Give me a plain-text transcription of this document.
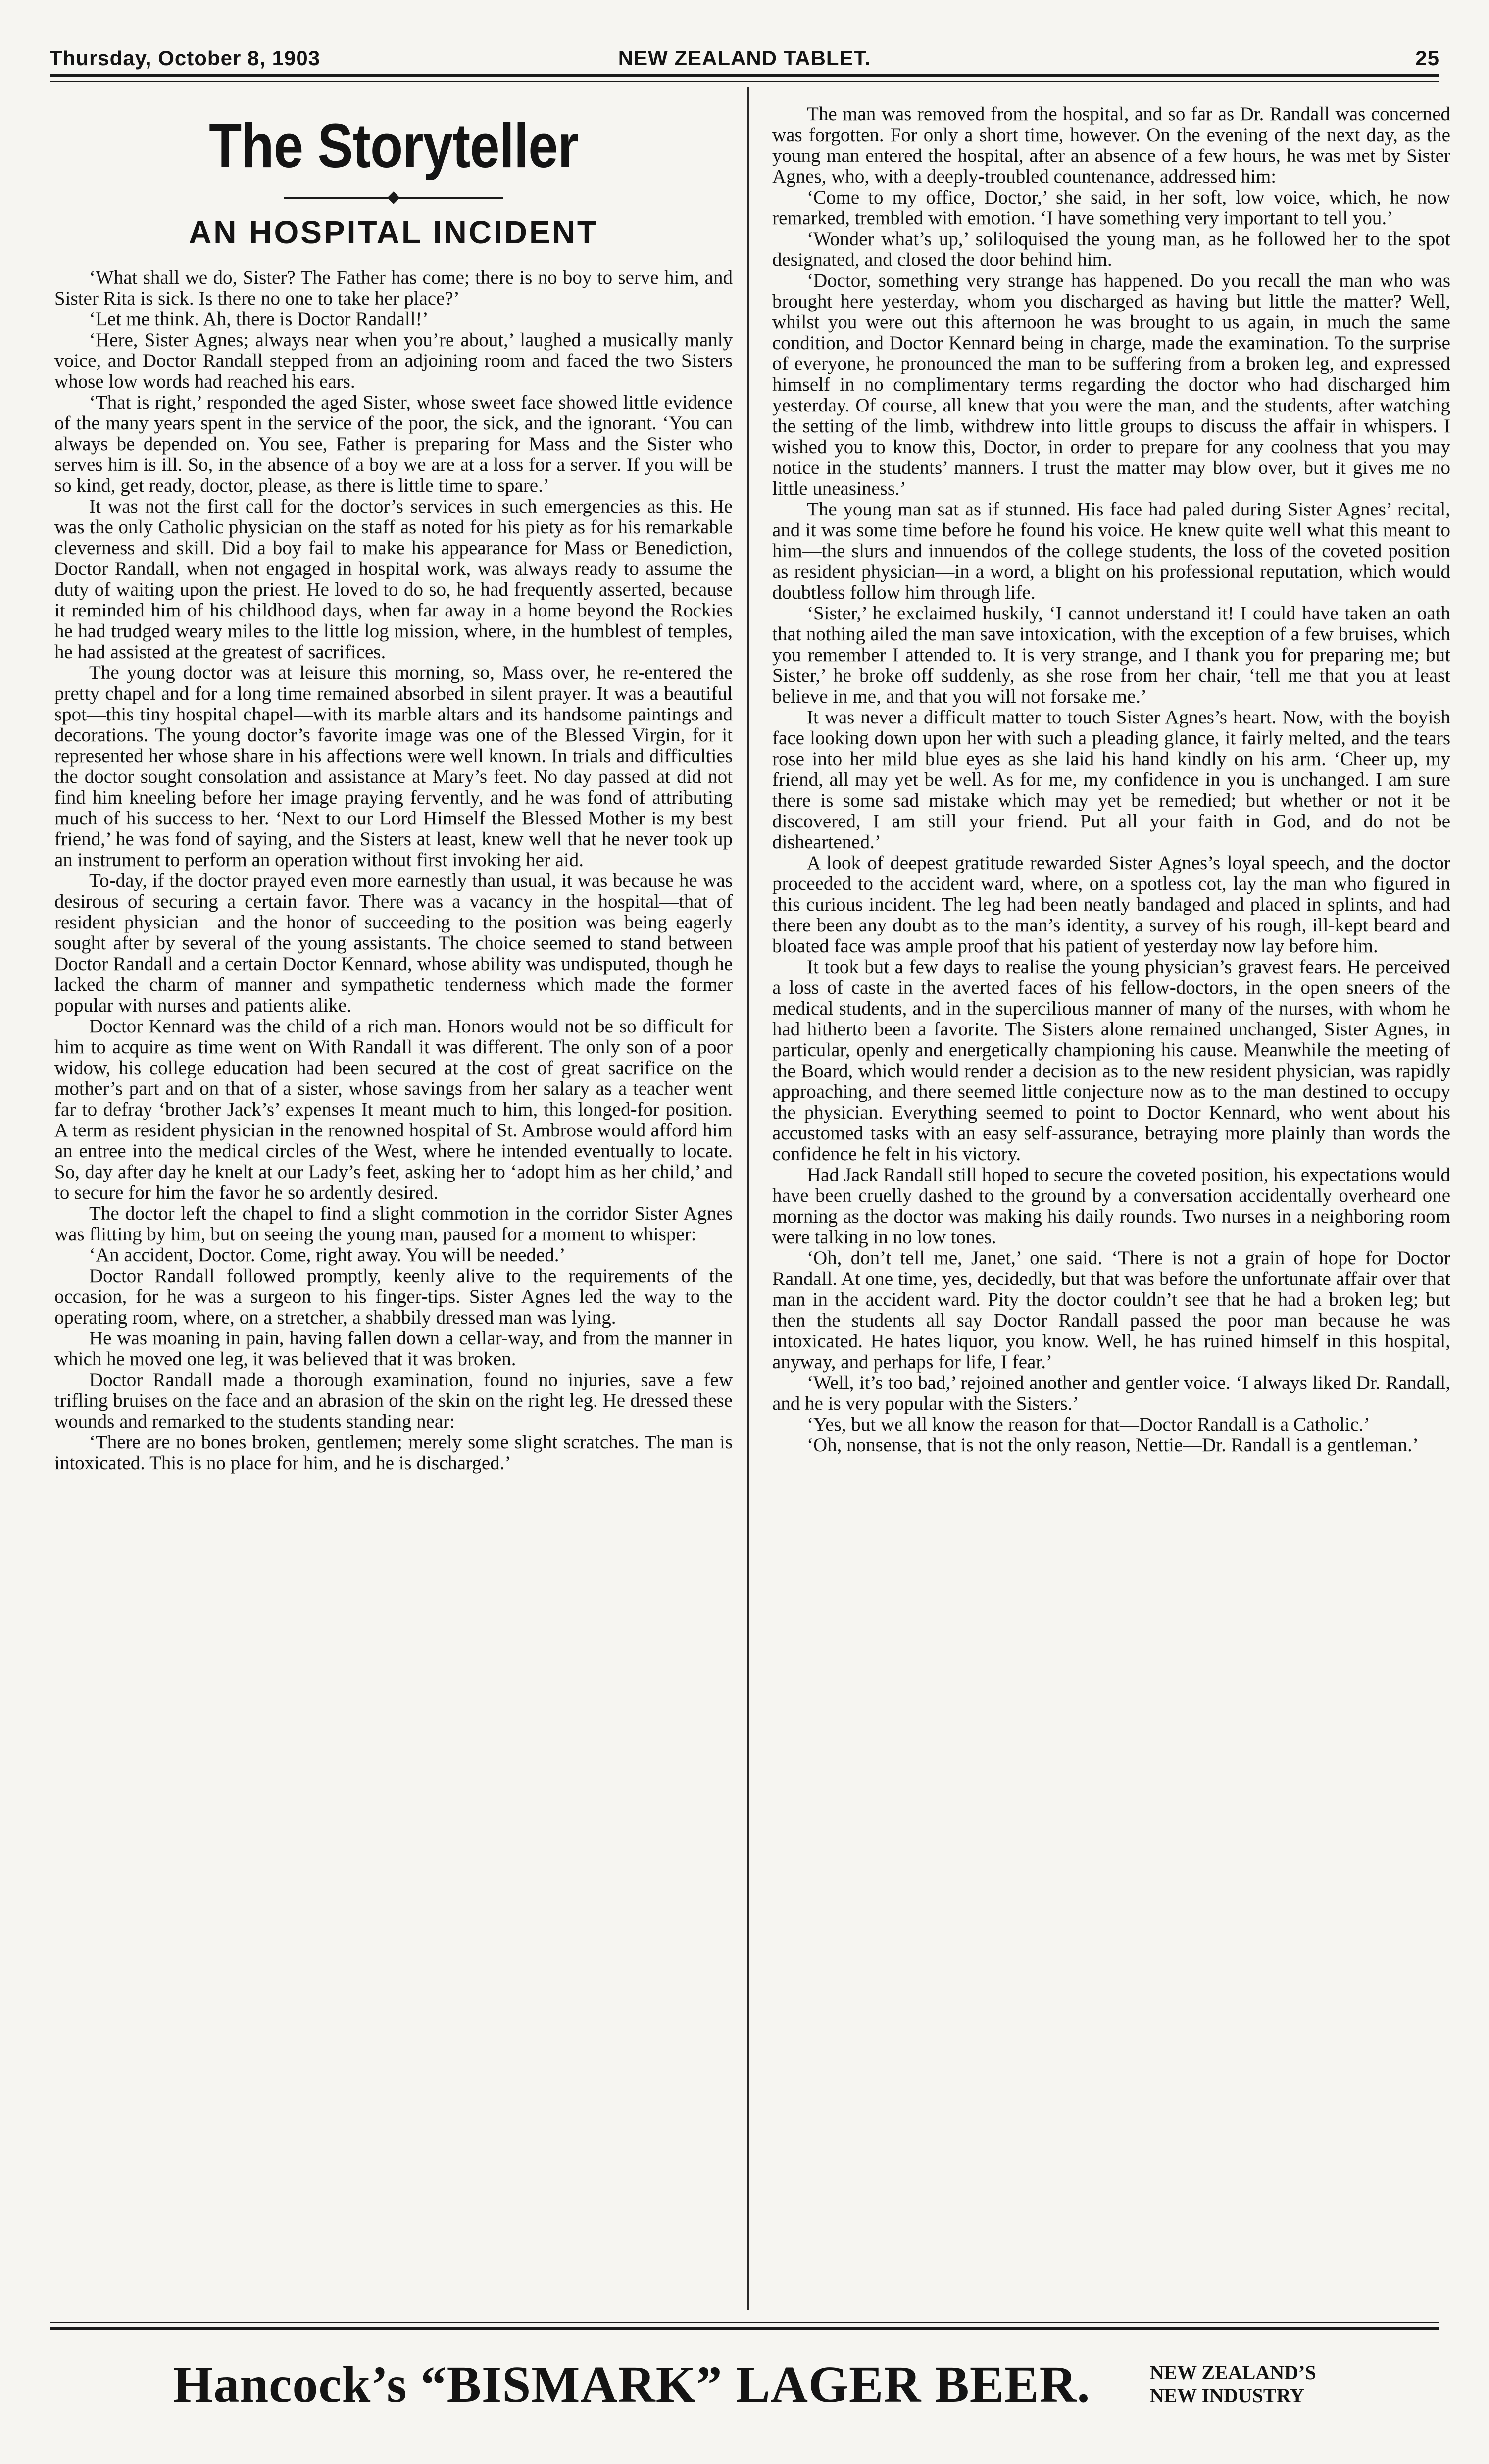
Thursday, October 8, 1903	NEW ZEALAND TABLET.	25
The Storyteller
AN HOSPITAL INCIDENT

‘What shall we do, Sister? The Father has come; there is no boy to serve him, and Sister Rita is sick. Is there no one to take her place?’

‘Let me think. Ah, there is Doctor Randall!’

‘Here, Sister Agnes; always near when you’re about,’ laughed a musically manly voice, and Doctor Randall stepped from an adjoining room and faced the two Sisters whose low words had reached his ears.

‘That is right,’ responded the aged Sister, whose sweet face showed little evidence of the many years spent in the service of the poor, the sick, and the ignorant. ‘You can always be depended on. You see, Father is preparing for Mass and the Sister who serves him is ill. So, in the absence of a boy we are at a loss for a server. If you will be so kind, get ready, doctor, please, as there is little time to spare.’

It was not the first call for the doctor’s services in such emergencies as this. He was the only Catholic physician on the staff as noted for his piety as for his remarkable cleverness and skill. Did a boy fail to make his appearance for Mass or Benediction, Doctor Randall, when not engaged in hospital work, was always ready to assume the duty of waiting upon the priest. He loved to do so, he had frequently asserted, because it reminded him of his childhood days, when far away in a home beyond the Rockies he had trudged weary miles to the little log mission, where, in the humblest of temples, he had assisted at the greatest of sacrifices.

The young doctor was at leisure this morning, so, Mass over, he re-entered the pretty chapel and for a long time remained absorbed in silent prayer. It was a beautiful spot—this tiny hospital chapel—with its marble altars and its handsome paintings and decorations. The young doctor’s favorite image was one of the Blessed Virgin, for it represented her whose share in his affections were well known. In trials and difficulties the doctor sought consolation and assistance at Mary’s feet. No day passed at did not find him kneeling before her image praying fervently, and he was fond of attributing much of his success to her. ‘Next to our Lord Himself the Blessed Mother is my best friend,’ he was fond of saying, and the Sisters at least, knew well that he never took up an instrument to perform an operation without first invoking her aid.

To-day, if the doctor prayed even more earnestly than usual, it was because he was desirous of securing a certain favor. There was a vacancy in the hospital—that of resident physician—and the honor of succeeding to the position was being eagerly sought after by several of the young assistants. The choice seemed to stand between Doctor Randall and a certain Doctor Kennard, whose ability was undisputed, though he lacked the charm of manner and sympathetic tenderness which made the former popular with nurses and patients alike.

Doctor Kennard was the child of a rich man. Honors would not be so difficult for him to acquire as time went on With Randall it was different. The only son of a poor widow, his college education had been secured at the cost of great sacrifice on the mother’s part and on that of a sister, whose savings from her salary as a teacher went far to defray ‘brother Jack’s’ expenses It meant much to him, this longed-for position. A term as resident physician in the renowned hospital of St. Ambrose would afford him an entree into the medical circles of the West, where he intended eventually to locate. So, day after day he knelt at our Lady’s feet, asking her to ‘adopt him as her child,’ and to secure for him the favor he so ardently desired.

The doctor left the chapel to find a slight commotion in the corridor Sister Agnes was flitting by him, but on seeing the young man, paused for a moment to whisper:

‘An accident, Doctor. Come, right away. You will be needed.’

Doctor Randall followed promptly, keenly alive to the requirements of the occasion, for he was a surgeon to his finger-tips. Sister Agnes led the way to the operating room, where, on a stretcher, a shabbily dressed man was lying.

He was moaning in pain, having fallen down a cellar-way, and from the manner in which he moved one leg, it was believed that it was broken.

Doctor Randall made a thorough examination, found no injuries, save a few trifling bruises on the face and an abrasion of the skin on the right leg. He dressed these wounds and remarked to the students standing near:

‘There are no bones broken, gentlemen; merely some slight scratches. The man is intoxicated. This is no place for him, and he is discharged.’

The man was removed from the hospital, and so far as Dr. Randall was concerned was forgotten. For only a short time, however. On the evening of the next day, as the young man entered the hospital, after an absence of a few hours, he was met by Sister Agnes, who, with a deeply-troubled countenance, addressed him:

‘Come to my office, Doctor,’ she said, in her soft, low voice, which, he now remarked, trembled with emotion. ‘I have something very important to tell you.’

‘Wonder what’s up,’ soliloquised the young man, as he followed her to the spot designated, and closed the door behind him.

‘Doctor, something very strange has happened. Do you recall the man who was brought here yesterday, whom you discharged as having but little the matter? Well, whilst you were out this afternoon he was brought to us again, in much the same condition, and Doctor Kennard being in charge, made the examination. To the surprise of everyone, he pronounced the man to be suffering from a broken leg, and expressed himself in no complimentary terms regarding the doctor who had discharged him yesterday. Of course, all knew that you were the man, and the students, after watching the setting of the limb, withdrew into little groups to discuss the affair in whispers. I wished you to know this, Doctor, in order to prepare for any coolness that you may notice in the students’ manners. I trust the matter may blow over, but it gives me no little uneasiness.’

The young man sat as if stunned. His face had paled during Sister Agnes’ recital, and it was some time before he found his voice. He knew quite well what this meant to him—the slurs and innuendos of the college students, the loss of the coveted position as resident physician—in a word, a blight on his professional reputation, which would doubtless follow him through life.

‘Sister,’ he exclaimed huskily, ‘I cannot understand it! I could have taken an oath that nothing ailed the man save intoxication, with the exception of a few bruises, which you remember I attended to. It is very strange, and I thank you for preparing me; but Sister,’ he broke off suddenly, as she rose from her chair, ‘tell me that you at least believe in me, and that you will not forsake me.’

It was never a difficult matter to touch Sister Agnes’s heart. Now, with the boyish face looking down upon her with such a pleading glance, it fairly melted, and the tears rose into her mild blue eyes as she laid his hand kindly on his arm. ‘Cheer up, my friend, all may yet be well. As for me, my confidence in you is unchanged. I am sure there is some sad mistake which may yet be remedied; but whether or not it be discovered, I am still your friend. Put all your faith in God, and do not be disheartened.’

A look of deepest gratitude rewarded Sister Agnes’s loyal speech, and the doctor proceeded to the accident ward, where, on a spotless cot, lay the man who figured in this curious incident. The leg had been neatly bandaged and placed in splints, and had there been any doubt as to the man’s identity, a survey of his rough, ill-kept beard and bloated face was ample proof that his patient of yesterday now lay before him.

It took but a few days to realise the young physician’s gravest fears. He perceived a loss of caste in the averted faces of his fellow-doctors, in the open sneers of the medical students, and in the supercilious manner of many of the nurses, with whom he had hitherto been a favorite. The Sisters alone remained unchanged, Sister Agnes, in particular, openly and energetically championing his cause. Meanwhile the meeting of the Board, which would render a decision as to the new resident physician, was rapidly approaching, and there seemed little conjecture now as to the man destined to occupy the physician. Everything seemed to point to Doctor Kennard, who went about his accustomed tasks with an easy self-assurance, betraying more plainly than words the confidence he felt in his victory.

Had Jack Randall still hoped to secure the coveted position, his expectations would have been cruelly dashed to the ground by a conversation accidentally overheard one morning as the doctor was making his daily rounds. Two nurses in a neighboring room were talking in no low tones.

‘Oh, don’t tell me, Janet,’ one said. ‘There is not a grain of hope for Doctor Randall. At one time, yes, decidedly, but that was before the unfortunate affair over that man in the accident ward. Pity the doctor couldn’t see that he had a broken leg; but then the students all say Doctor Randall passed the poor man because he was intoxicated. He hates liquor, you know. Well, he has ruined himself in this hospital, anyway, and perhaps for life, I fear.’

‘Well, it’s too bad,’ rejoined another and gentler voice. ‘I always liked Dr. Randall, and he is very popular with the Sisters.’

‘Yes, but we all know the reason for that—Doctor Randall is a Catholic.’

‘Oh, nonsense, that is not the only reason, Nettie—Dr. Randall is a gentleman.’

Hancock’s “BISMARK” LAGER BEER.	NEW ZEALAND’S
NEW INDUSTRY
